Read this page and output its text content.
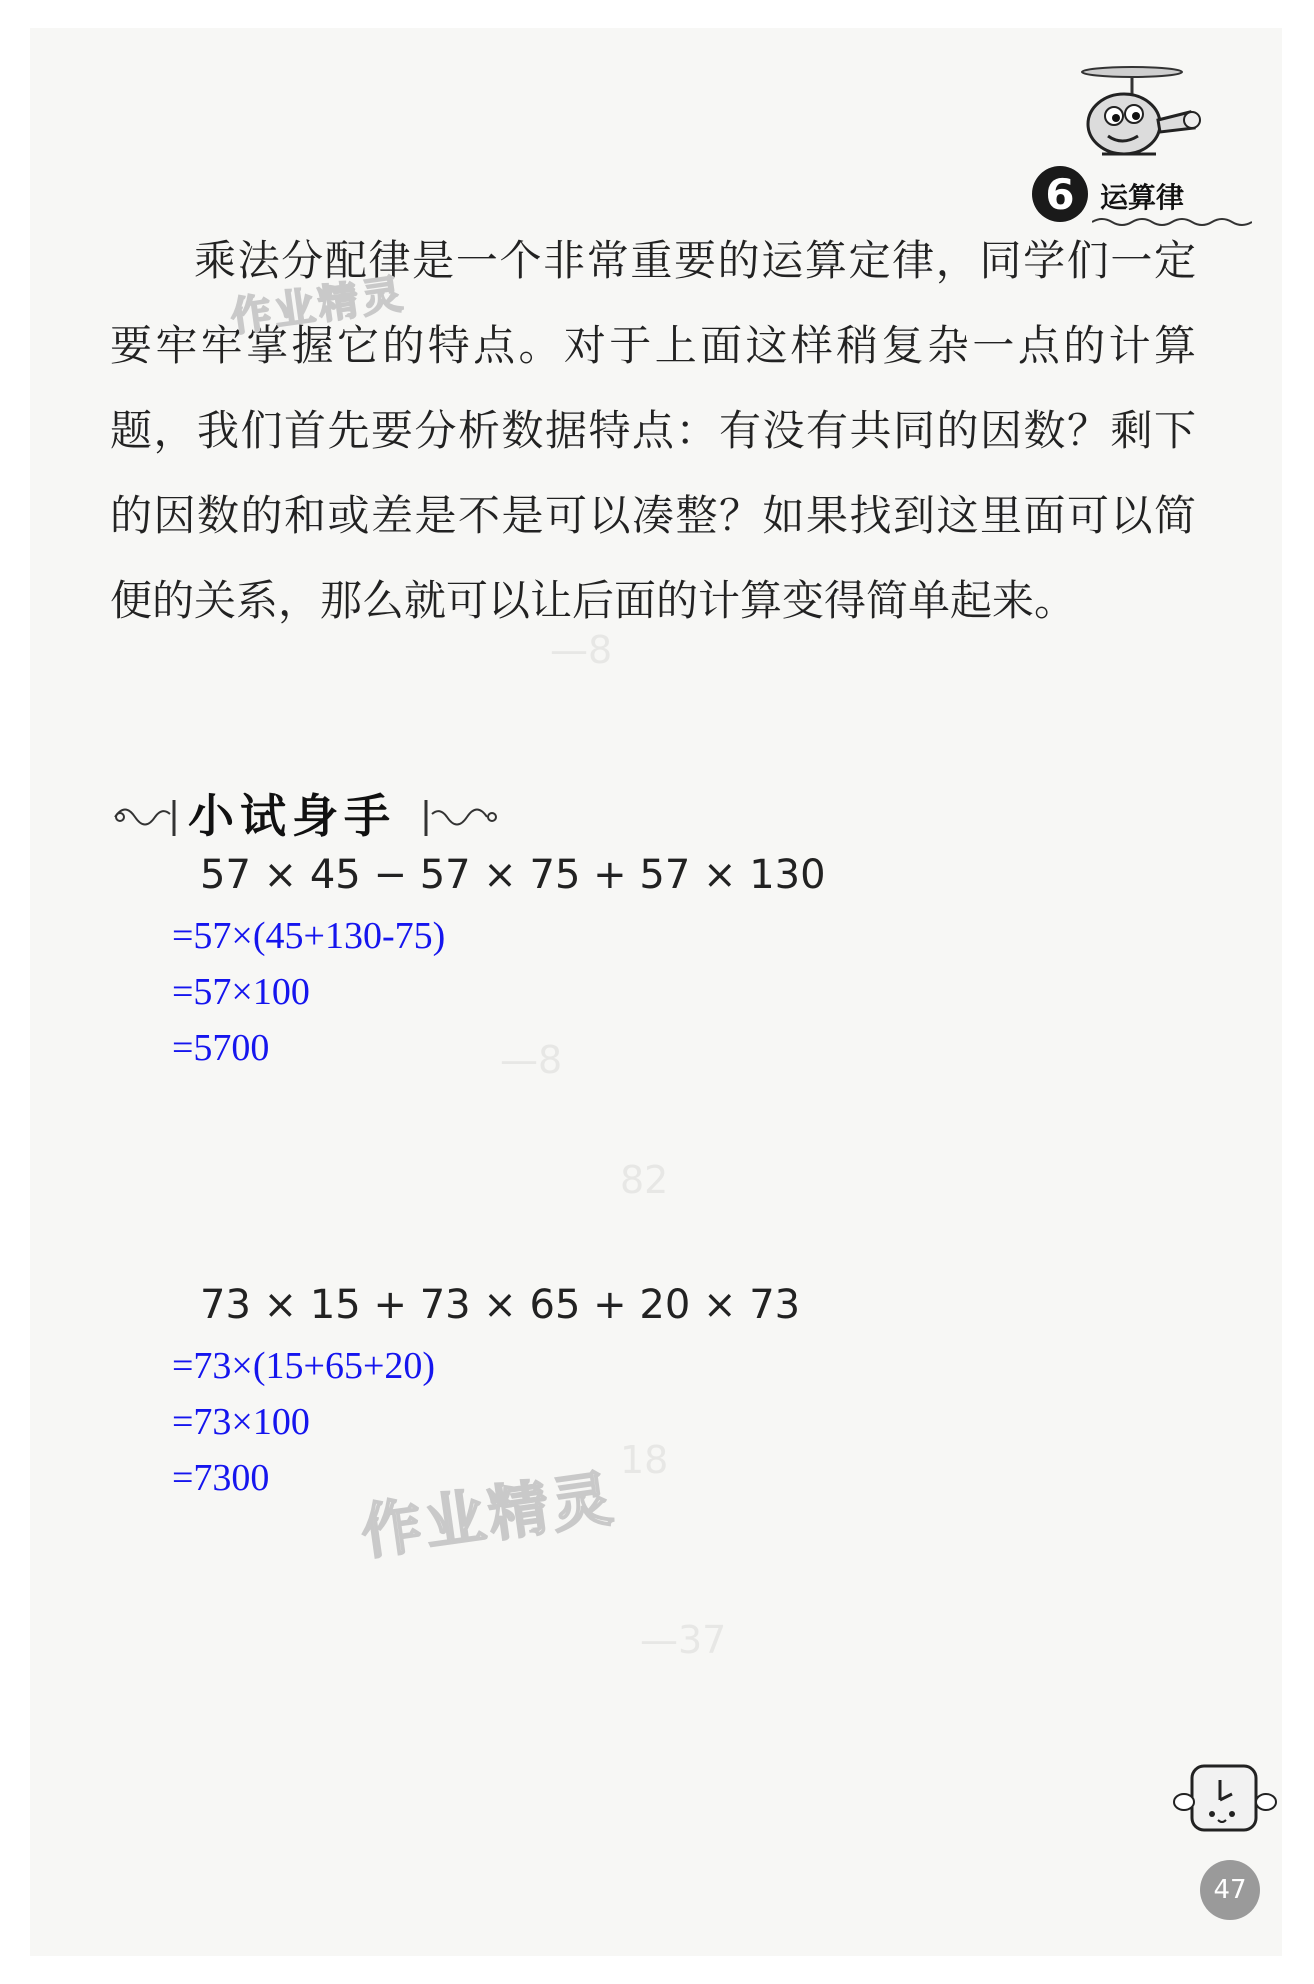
—8
—8
82
18
—37
6 运算律

乘法分配律是一个非常重要的运算定律，同学们一定要牢牢掌握它的特点。对于上面这样稍复杂一点的计算题，我们首先要分析数据特点：有没有共同的因数？剩下的因数的和或差是不是可以凑整？如果找到这里面可以简便的关系，那么就可以让后面的计算变得简单起来。

小试身手
57 × 45 − 57 × 75 + 57 × 130
=57×(45+130-75)
=57×100
=5700
73 × 15 + 73 × 65 + 20 × 73
=73×(15+65+20)
=73×100
=7300
作业精灵
作业精灵
47
